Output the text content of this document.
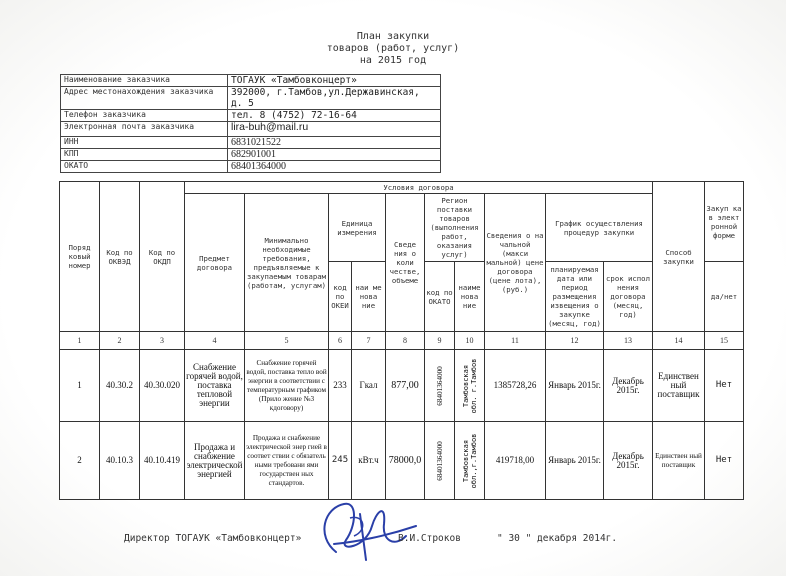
План закупки
товаров (работ, услуг)
на 2015 год
Наименование заказчика	ТОГАУК «Тамбовконцерт»
Адрес местонахождения заказчика	392000, г.Тамбов,ул.Державинская,
д. 5

Телефон заказчика	тел. 8 (4752) 72-16-64
Электронная почта заказчика	lira-buh@mail.ru
ИНН	6831021522
КПП	682901001
ОКАТО	68401364000
Поряд ковый номер	Код по ОКВЭД	Код по ОКДП	Условия договора										Способ закупки	Закуп ка в элект ронной форме
			Предмет договора	Минимально необходимые требования, предъявляемые к закупаемым товарам (работам, услугам)	Единица измерения		Сведе ния о коли честве, объеме	Регион поставки товаров (выполнения работ, оказания услуг)		Сведения о на чальной (макси мальной) цене договора (цене лота), (руб.)	График осуществления процедур закупки			
					код по ОКЕИ	наи ме нова ние		код по ОКАТО	наиме нова ние		планируемая дата или период размещения извещения о закупке (месяц, год)	срок испол нения договора (месяц, год)		да/нет
1	2	3	4	5	6	7	8	9	10	11	12	13	14	15
1	40.30.2	40.30.020	Снабжение горячей водой, поставка тепловой энергии	Снабжение горячей водой, поставка тепло вой энергии в соответствии с температурным графиком (Прило жение №3 кдоговору)	233	Гкал	877,00	68401364000	Тамбовская обл. г.Тамбов	1385728,26	Январь 2015г.	Декабрь 2015г.	Единствен ный поставщик	Нет
2	40.10.3	40.10.419	Продажа и снабжение электрической энергией	Продажа и снабжение электрической энер гией в соответ ствии с обязатель ными требовани ями государствен ных стандартов.	245	кВт.ч	78000,0	68401364000	Тамбовская обл.,г.Тамбов	419718,00	Январь 2015г.	Декабрь 2015г.	Единствен ный поставщик	Нет
Директор ТОГАУК «Тамбовконцерт»	В.И.Строков	" 30 " декабря 2014г.
